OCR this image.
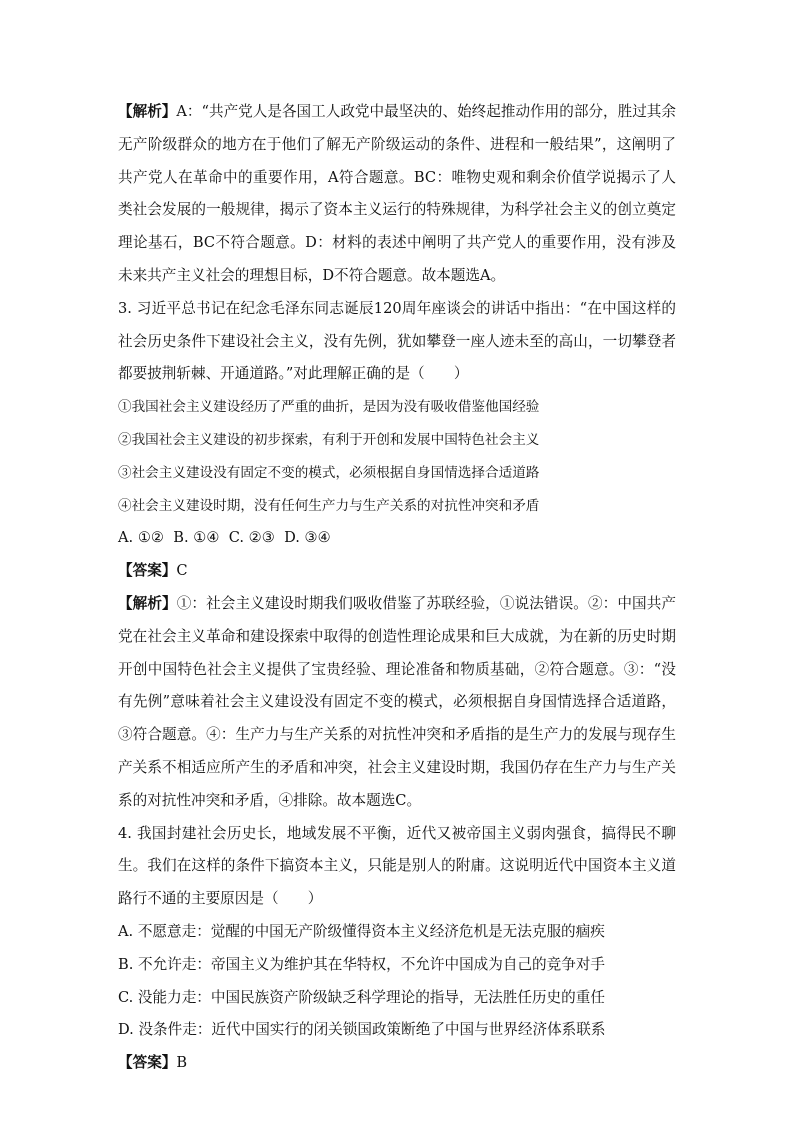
【解析】A：“共产党人是各国工人政党中最坚决的、始终起推动作用的部分，胜过其余无产阶级群众的地方在于他们了解无产阶级运动的条件、进程和一般结果”，这阐明了共产党人在革命中的重要作用，A符合题意。BC：唯物史观和剩余价值学说揭示了人类社会发展的一般规律，揭示了资本主义运行的特殊规律，为科学社会主义的创立奠定理论基石，BC不符合题意。D：材料的表述中阐明了共产党人的重要作用，没有涉及未来共产主义社会的理想目标，D不符合题意。故本题选A。

3. 习近平总书记在纪念毛泽东同志诞辰120周年座谈会的讲话中指出：“在中国这样的社会历史条件下建设社会主义，没有先例，犹如攀登一座人迹未至的高山，一切攀登者都要披荆斩棘、开通道路。”对此理解正确的是（　　）

①我国社会主义建设经历了严重的曲折，是因为没有吸收借鉴他国经验
②我国社会主义建设的初步探索，有利于开创和发展中国特色社会主义
③社会主义建设没有固定不变的模式，必须根据自身国情选择合适道路
④社会主义建设时期，没有任何生产力与生产关系的对抗性冲突和矛盾
A. ①②  B. ①④  C. ②③  D. ③④
【答案】C

【解析】①：社会主义建设时期我们吸收借鉴了苏联经验，①说法错误。②：中国共产党在社会主义革命和建设探索中取得的创造性理论成果和巨大成就，为在新的历史时期开创中国特色社会主义提供了宝贵经验、理论准备和物质基础，②符合题意。③：“没有先例”意味着社会主义建设没有固定不变的模式，必须根据自身国情选择合适道路，③符合题意。④：生产力与生产关系的对抗性冲突和矛盾指的是生产力的发展与现存生产关系不相适应所产生的矛盾和冲突，社会主义建设时期，我国仍存在生产力与生产关系的对抗性冲突和矛盾，④排除。故本题选C。

4. 我国封建社会历史长，地域发展不平衡，近代又被帝国主义弱肉强食，搞得民不聊生。我们在这样的条件下搞资本主义，只能是别人的附庸。这说明近代中国资本主义道路行不通的主要原因是（　　）

A. 不愿意走：觉醒的中国无产阶级懂得资本主义经济危机是无法克服的痼疾
B. 不允许走：帝国主义为维护其在华特权，不允许中国成为自己的竞争对手
C. 没能力走：中国民族资产阶级缺乏科学理论的指导，无法胜任历史的重任
D. 没条件走：近代中国实行的闭关锁国政策断绝了中国与世界经济体系联系
【答案】B
